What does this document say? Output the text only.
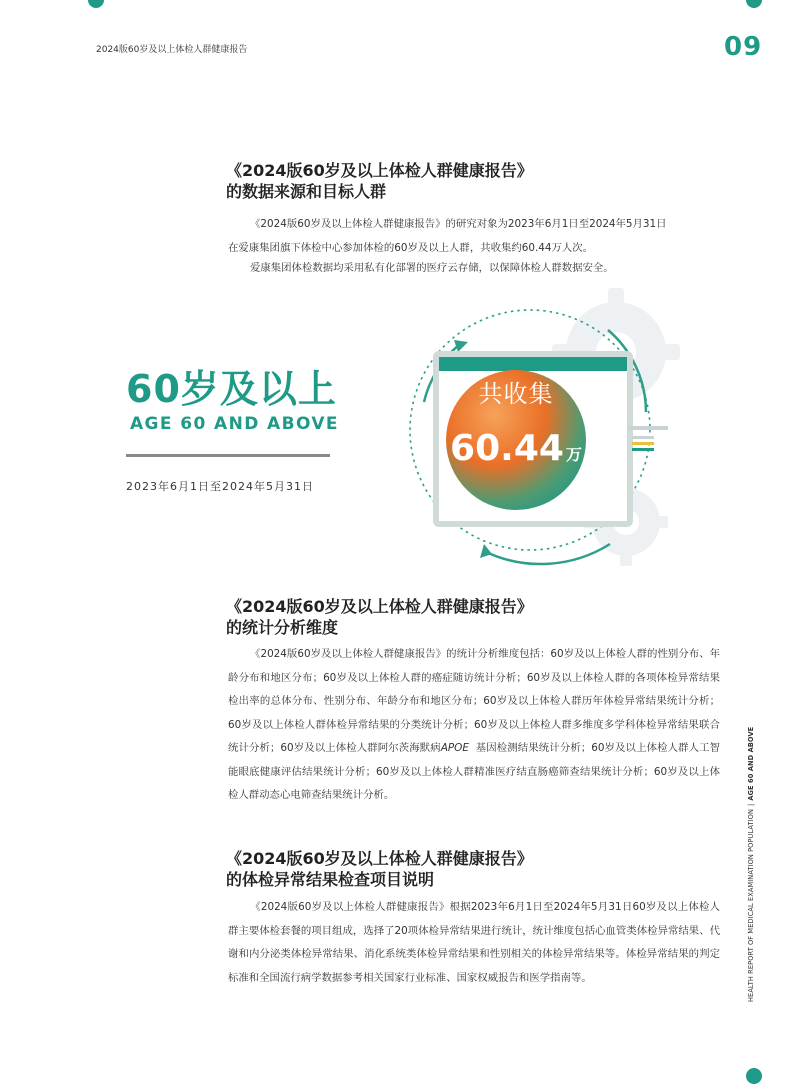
2024版60岁及以上体检人群健康报告	09
《2024版60岁及以上体检人群健康报告》
的数据来源和目标人群

《2024版60岁及以上体检人群健康报告》的研究对象为2023年6月1日至2024年5月31日
在爱康集团旗下体检中心参加体检的60岁及以上人群，共收集约60.44万人次。

爱康集团体检数据均采用私有化部署的医疗云存储，以保障体检人群数据安全。

60岁及以上
AGE 60 AND ABOVE
2023年6月1日至2024年5月31日
共收集
60.44 万
《2024版60岁及以上体检人群健康报告》
的统计分析维度

《2024版60岁及以上体检人群健康报告》的统计分析维度包括：60岁及以上体检人群的性别分布、年龄分布和地区分布；60岁及以上体检人群的癌症随访统计分析；60岁及以上体检人群的各项体检异常结果检出率的总体分布、性别分布、年龄分布和地区分布；60岁及以上体检人群历年体检异常结果统计分析；60岁及以上体检人群体检异常结果的分类统计分析；60岁及以上体检人群多维度多学科体检异常结果联合统计分析；60岁及以上体检人群阿尔茨海默病APOE 基因检测结果统计分析；60岁及以上体检人群人工智能眼底健康评估结果统计分析；60岁及以上体检人群精准医疗结直肠癌筛查结果统计分析；60岁及以上体检人群动态心电筛查结果统计分析。

《2024版60岁及以上体检人群健康报告》
的体检异常结果检查项目说明

《2024版60岁及以上体检人群健康报告》根据2023年6月1日至2024年5月31日60岁及以上体检人群主要体检套餐的项目组成，选择了20项体检异常结果进行统计，统计维度包括心血管类体检异常结果、代谢和内分泌类体检异常结果、消化系统类体检异常结果和性别相关的体检异常结果等。体检异常结果的判定标准和全国流行病学数据参考相关国家行业标准、国家权威报告和医学指南等。	HEALTH REPORT OF MEDICAL EXAMINATION POPULATION|AGE 60 AND ABOVE
